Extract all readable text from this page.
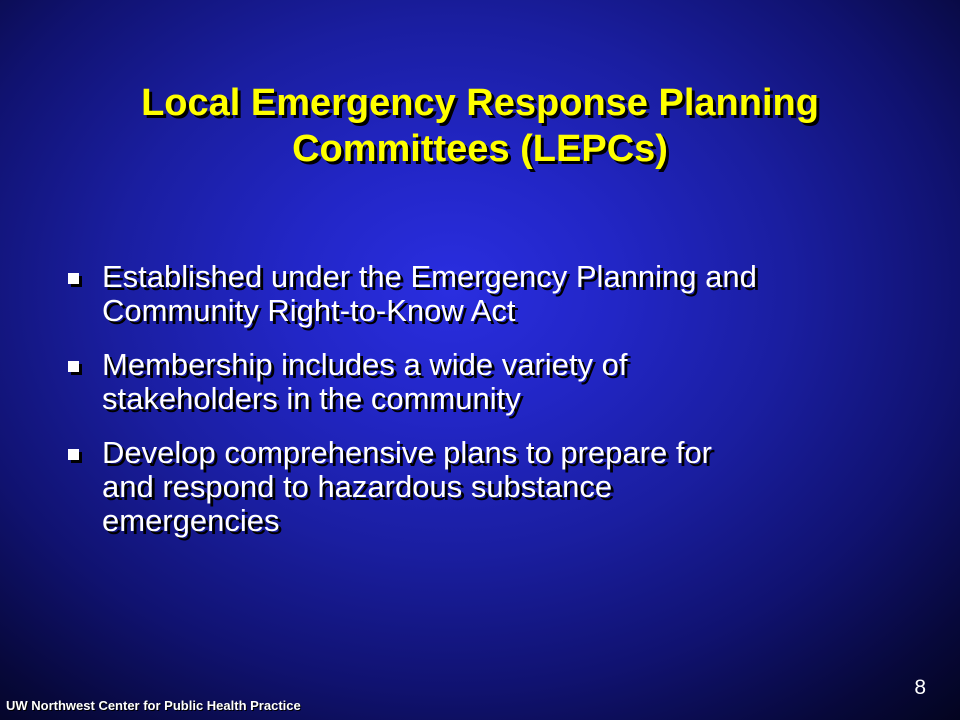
Local Emergency Response Planning
Committees (LEPCs)
Established under the Emergency Planning and
Community Right-to-Know Act
Membership includes a wide variety of
stakeholders in the community
Develop comprehensive plans to prepare for
and respond to hazardous substance
emergencies
UW Northwest Center for Public Health Practice
8
